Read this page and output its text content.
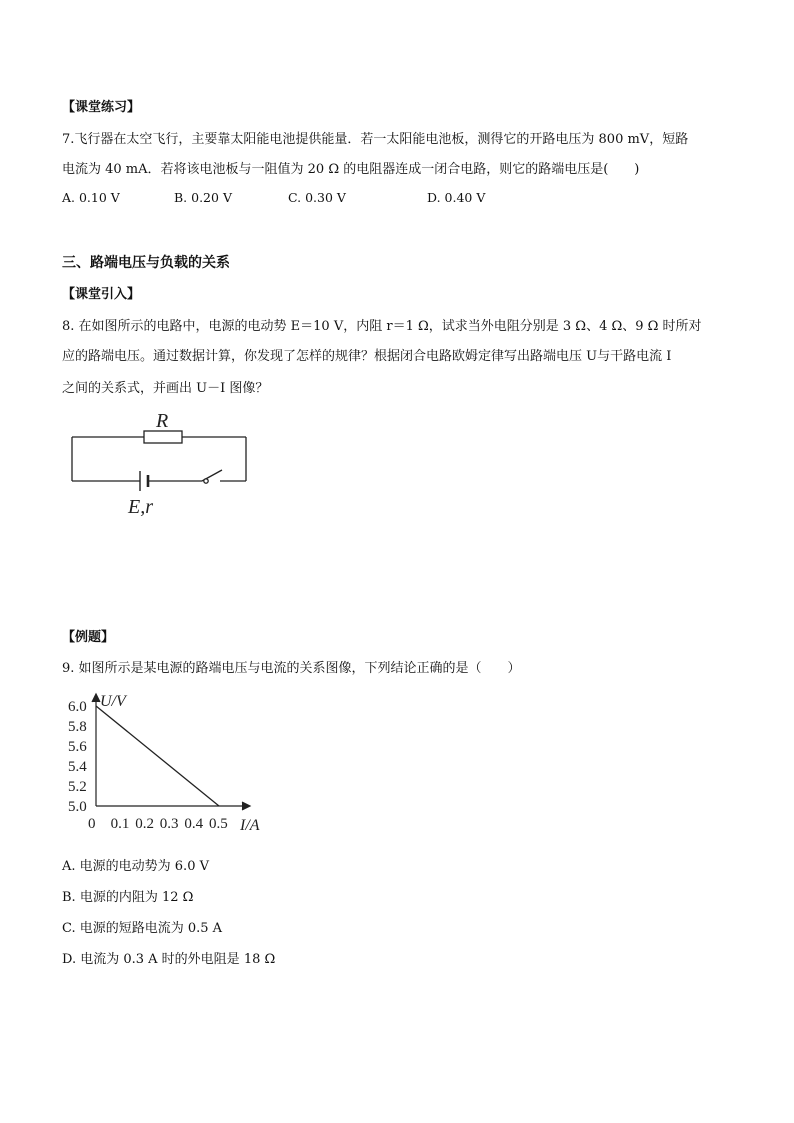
【课堂练习】
7.飞行器在太空飞行，主要靠太阳能电池提供能量．若一太阳能电池板，测得它的开路电压为 800 mV，短路
电流为 40 mA．若将该电池板与一阻值为 20 Ω 的电阻器连成一闭合电路，则它的路端电压是(　　)
A. 0.10 V	B. 0.20 V	C. 0.30 V	D. 0.40 V
三、路端电压与负载的关系
【课堂引入】
8. 在如图所示的电路中，电源的电动势 E＝10 V，内阻 r＝1 Ω，试求当外电阻分别是 3 Ω、4 Ω、9 Ω 时所对
应的路端电压。通过数据计算，你发现了怎样的规律？根据闭合电路欧姆定律写出路端电压 U与干路电流 I
之间的关系式，并画出 U－I 图像？
R
E,r
【例题】
9. 如图所示是某电源的路端电压与电流的关系图像，下列结论正确的是（　　）
5.0
5.2
5.4
5.6
5.8
6.0
0 0.1 0.2 0.3 0.4 0.5
U/V
I/A
A. 电源的电动势为 6.0 V
B. 电源的内阻为 12 Ω
C. 电源的短路电流为 0.5 A
D. 电流为 0.3 A 时的外电阻是 18 Ω
